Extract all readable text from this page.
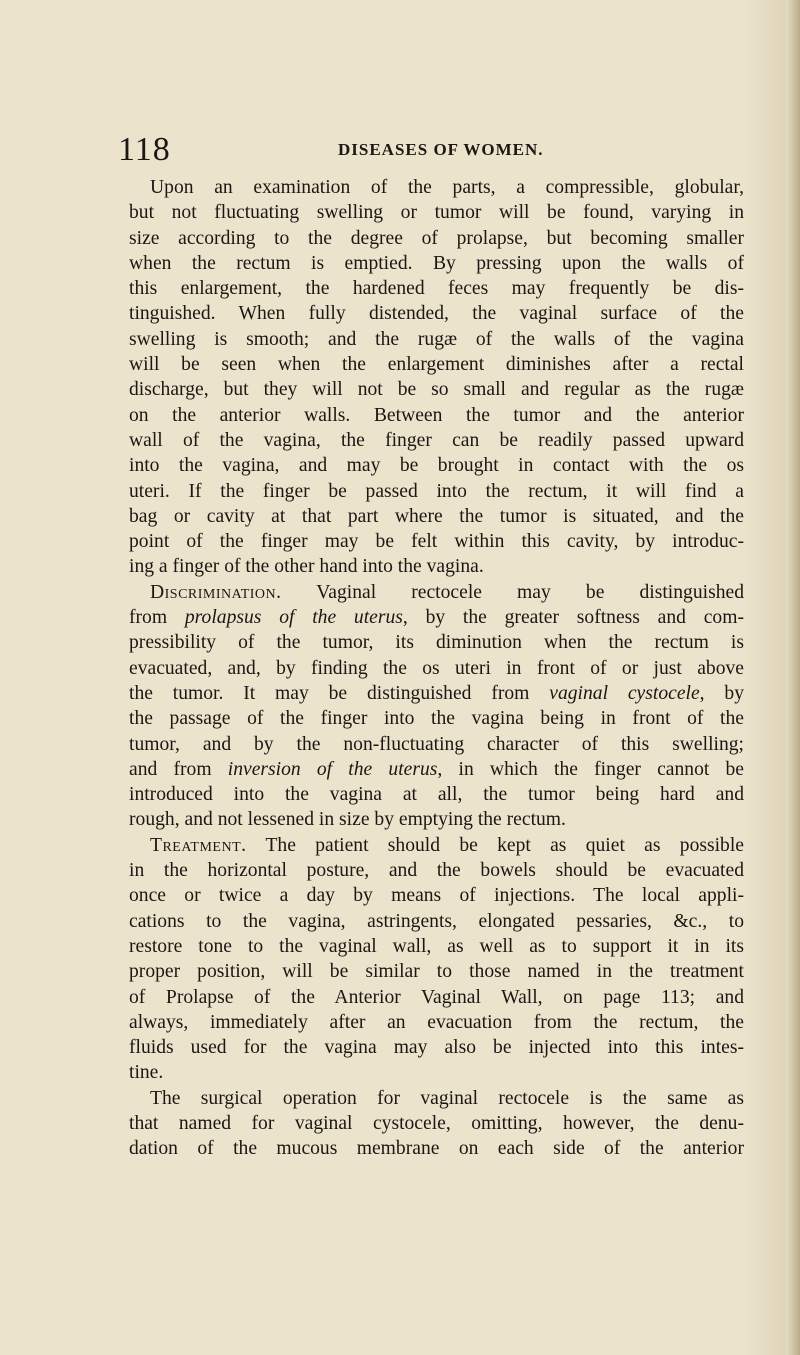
118	DISEASES OF WOMEN.
Upon an examination of the parts, a compressible, globular,
but not fluctuating swelling or tumor will be found, varying in
size according to the degree of prolapse, but becoming smaller
when the rectum is emptied. By pressing upon the walls of
this enlargement, the hardened feces may frequently be dis-
tinguished. When fully distended, the vaginal surface of the
swelling is smooth; and the rugæ of the walls of the vagina
will be seen when the enlargement diminishes after a rectal
discharge, but they will not be so small and regular as the rugæ
on the anterior walls. Between the tumor and the anterior
wall of the vagina, the finger can be readily passed upward
into the vagina, and may be brought in contact with the os
uteri. If the finger be passed into the rectum, it will find a
bag or cavity at that part where the tumor is situated, and the
point of the finger may be felt within this cavity, by introduc-
ing a finger of the other hand into the vagina.
Discrimination. Vaginal rectocele may be distinguished
from prolapsus of the uterus, by the greater softness and com-
pressibility of the tumor, its diminution when the rectum is
evacuated, and, by finding the os uteri in front of or just above
the tumor. It may be distinguished from vaginal cystocele, by
the passage of the finger into the vagina being in front of the
tumor, and by the non-fluctuating character of this swelling;
and from inversion of the uterus, in which the finger cannot be
introduced into the vagina at all, the tumor being hard and
rough, and not lessened in size by emptying the rectum.
Treatment. The patient should be kept as quiet as possible
in the horizontal posture, and the bowels should be evacuated
once or twice a day by means of injections. The local appli-
cations to the vagina, astringents, elongated pessaries, &c., to
restore tone to the vaginal wall, as well as to support it in its
proper position, will be similar to those named in the treatment
of Prolapse of the Anterior Vaginal Wall, on page 113; and
always, immediately after an evacuation from the rectum, the
fluids used for the vagina may also be injected into this intes-
tine.
The surgical operation for vaginal rectocele is the same as
that named for vaginal cystocele, omitting, however, the denu-
dation of the mucous membrane on each side of the anterior
